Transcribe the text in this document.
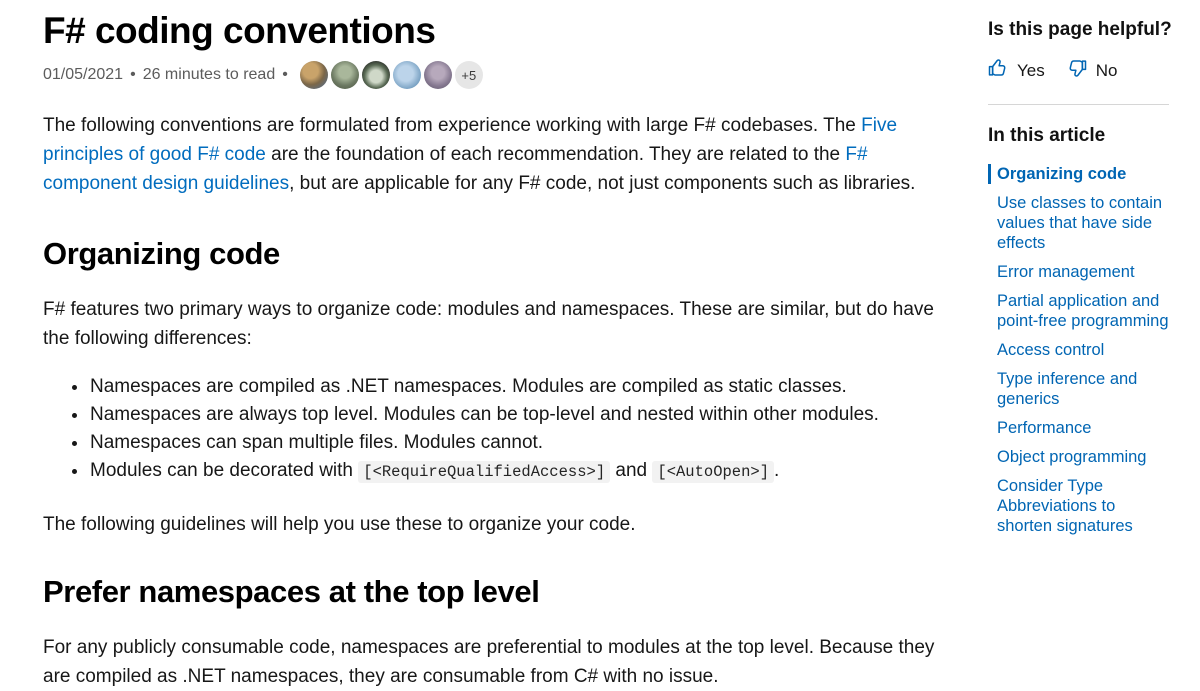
F# coding conventions
01/05/2021 • 26 minutes to read •	+5

The following conventions are formulated from experience working with large F# codebases. The Five principles of good F# code are the foundation of each recommendation. They are related to the F# component design guidelines, but are applicable for any F# code, not just components such as libraries.

Organizing code

F# features two primary ways to organize code: modules and namespaces. These are similar, but do have the following differences:

• Namespaces are compiled as .NET namespaces. Modules are compiled as static classes.
• Namespaces are always top level. Modules can be top-level and nested within other modules.
• Namespaces can span multiple files. Modules cannot.
• Modules can be decorated with [<RequireQualifiedAccess>] and [<AutoOpen>] .

The following guidelines will help you use these to organize your code.

Prefer namespaces at the top level

For any publicly consumable code, namespaces are preferential to modules at the top level. Because they are compiled as .NET namespaces, they are consumable from C# with no issue.

Is this page helpful?
Yes	No
In this article
Organizing code
Use classes to contain values that have side effects
Error management
Partial application and point-free programming
Access control
Type inference and generics
Performance
Object programming
Consider Type Abbreviations to shorten signatures
